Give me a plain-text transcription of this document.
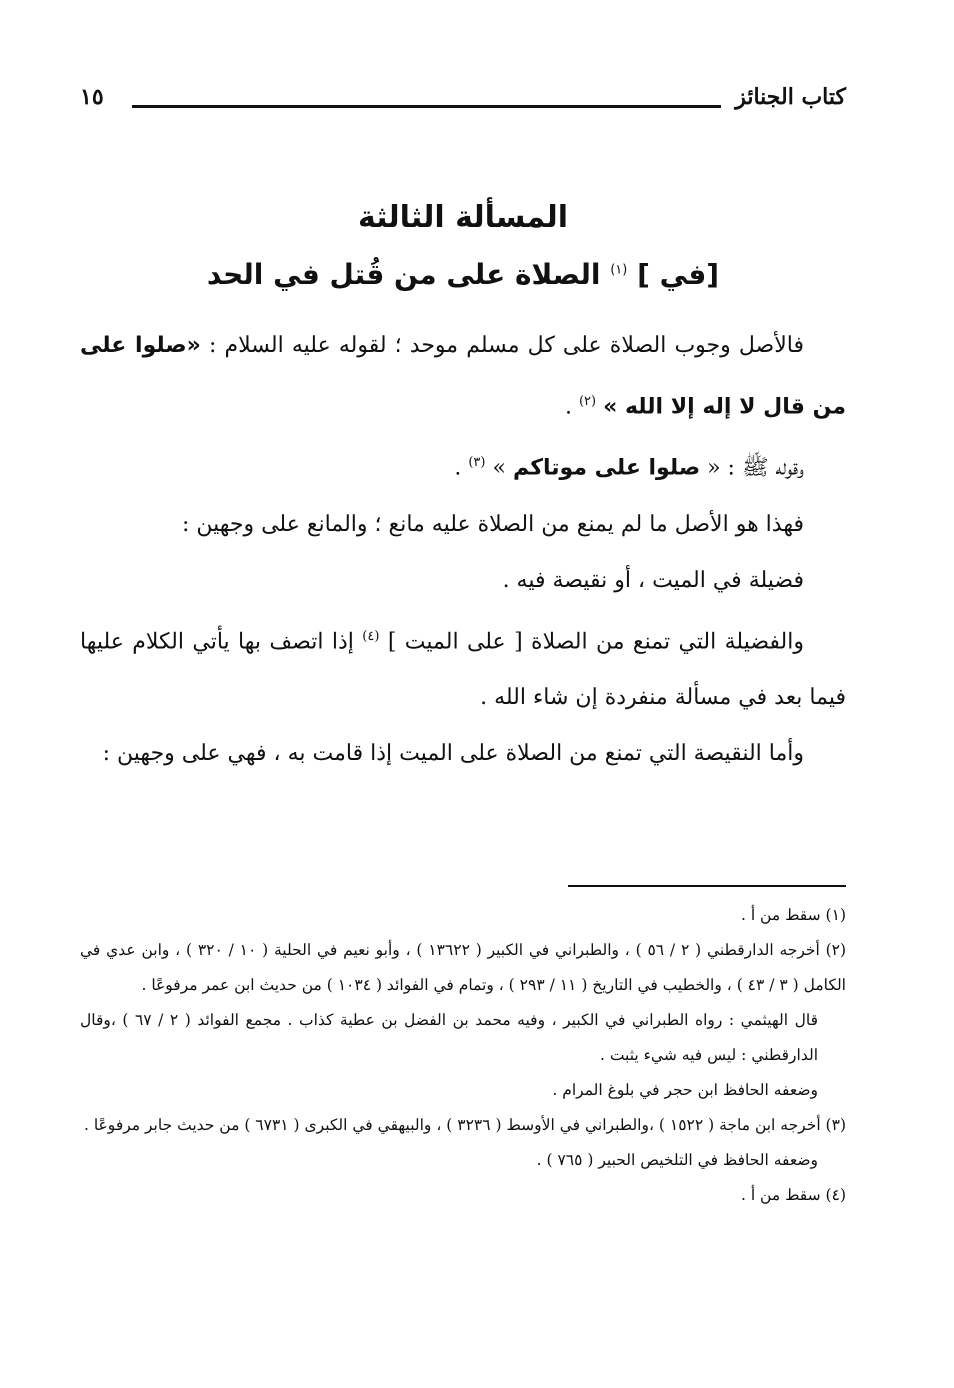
كتاب الجنائز
١٥
المسألة الثالثة
[في ] $^{(١)}$ الصلاة على من قُتل في الحد

فالأصل وجوب الصلاة على كل مسلم موحد ؛ لقوله عليه السلام : «صلوا على من قال لا إله إلا الله » $^{(٢)}$ .

وقوله ﷺ : « صلوا على موتاكم » $^{(٣)}$ .

فهذا هو الأصل ما لم يمنع من الصلاة عليه مانع ؛ والمانع على وجهين :

فضيلة في الميت ، أو نقيصة فيه .

والفضيلة التي تمنع من الصلاة [ على الميت ] $^{(٤)}$ إذا اتصف بها يأتي الكلام عليها فيما بعد في مسألة منفردة إن شاء الله .

وأما النقيصة التي تمنع من الصلاة على الميت إذا قامت به ، فهي على وجهين :

(١) سقط من أ .

(٢) أخرجه الدارقطني ( ٢ / ٥٦ ) ، والطبراني في الكبير ( ١٣٦٢٢ ) ، وأبو نعيم في الحلية ( ١٠ / ٣٢٠ ) ، وابن عدي في الكامل ( ٣ / ٤٣ ) ، والخطيب في التاريخ ( ١١ / ٢٩٣ ) ، وتمام في الفوائد ( ١٠٣٤ ) من حديث ابن عمر مرفوعًا .

قال الهيثمي : رواه الطبراني في الكبير ، وفيه محمد بن الفضل بن عطية كذاب . مجمع الفوائد ( ٢ / ٦٧ ) ،وقال الدارقطني : ليس فيه شيء يثبت .

وضعفه الحافظ ابن حجر في بلوغ المرام .

(٣) أخرجه ابن ماجة ( ١٥٢٢ ) ،والطبراني في الأوسط ( ٣٢٣٦ ) ، والبيهقي في الكبرى ( ٦٧٣١ ) من حديث جابر مرفوعًا .

وضعفه الحافظ في التلخيص الحبير ( ٧٦٥ ) .

(٤) سقط من أ .
